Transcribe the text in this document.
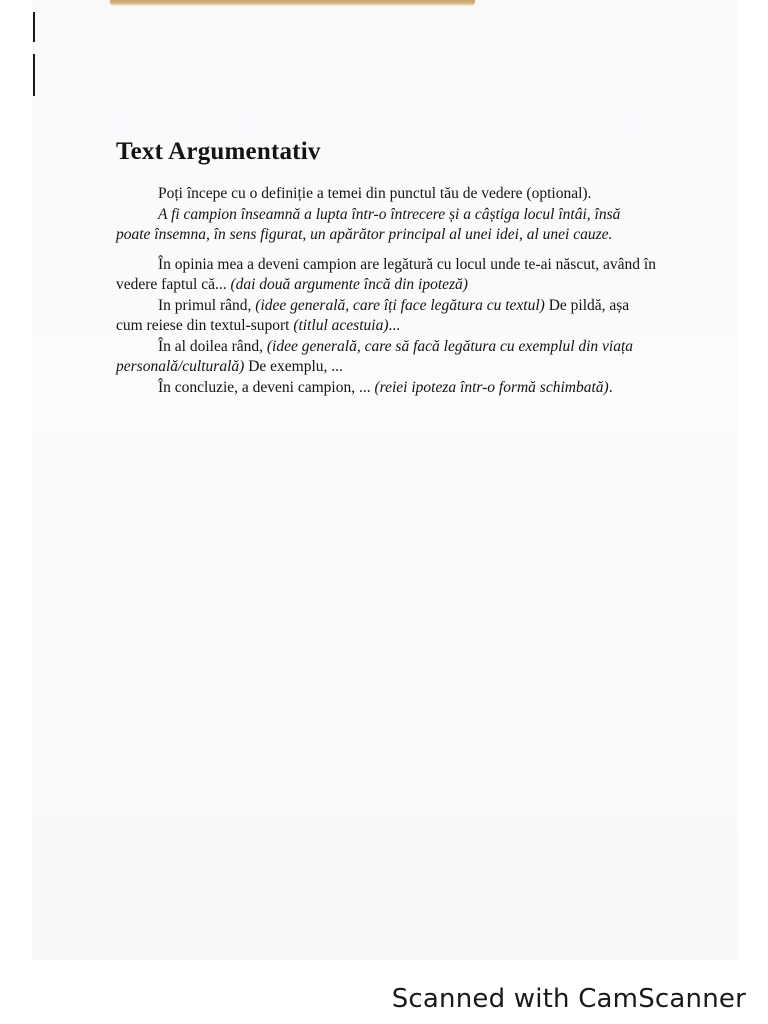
Text Argumentativ

Poți începe cu o definiție a temei din punctul tău de vedere (optional).

A fi campion înseamnă a lupta într-o întrecere și a câștiga locul întâi, însă poate însemna, în sens figurat, un apărător principal al unei idei, al unei cauze.

În opinia mea a deveni campion are legătură cu locul unde te-ai născut, având în vedere faptul că... (dai două argumente încă din ipoteză)

In primul rând, (idee generală, care îți face legătura cu textul) De pildă, așa cum reiese din textul-suport (titlul acestuia)...

În al doilea rând, (idee generală, care să facă legătura cu exemplul din viața personală/culturală) De exemplu, ...

În concluzie, a deveni campion, ... (reiei ipoteza într-o formă schimbată).

Scanned with CamScanner
